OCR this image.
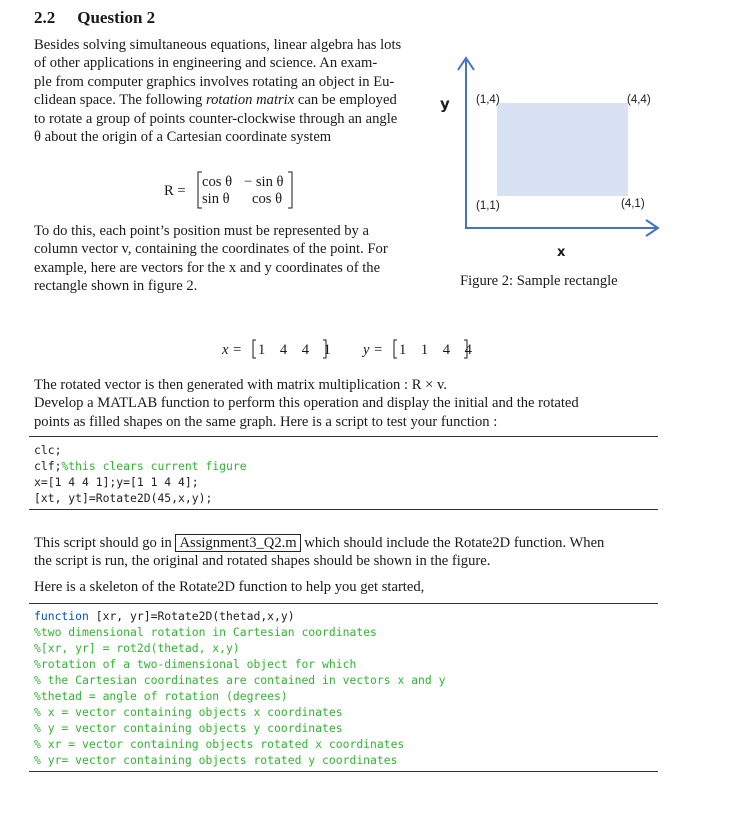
2.2 Question 2
Besides solving simultaneous equations, linear algebra has lots
of other applications in engineering and science. An exam-
ple from computer graphics involves rotating an object in Eu-
clidean space. The following rotation matrix can be employed
to rotate a group of points counter-clockwise through an angle
θ about the origin of a Cartesian coordinate system
R =
cos θ − sin θ
sin θ cos θ
y
x
(1,4)	(4,4)
(1,1)	(4,1)
Figure 2: Sample rectangle
To do this, each point’s position must be represented by a
column vector v, containing the coordinates of the point. For
example, here are vectors for the x and y coordinates of the
rectangle shown in figure 2.
x = 1    4    4    1 y = 1    1    4    4
The rotated vector is then generated with matrix multiplication : R × v.
Develop a MATLAB function to perform this operation and display the initial and the rotated
points as filled shapes on the same graph. Here is a script to test your function :
clc;
clf;%this clears current figure
x=[1 4 4 1];y=[1 1 4 4];
[xt, yt]=Rotate2D(45,x,y);
This script should go in Assignment3_Q2.m which should include the Rotate2D function. When
the script is run, the original and rotated shapes should be shown in the figure.
Here is a skeleton of the Rotate2D function to help you get started,
function [xr, yr]=Rotate2D(thetad,x,y)
%two dimensional rotation in Cartesian coordinates
%[xr, yr] = rot2d(thetad, x,y)
%rotation of a two-dimensional object for which
% the Cartesian coordinates are contained in vectors x and y
%thetad = angle of rotation (degrees)
% x = vector containing objects x coordinates
% y = vector containing objects y coordinates
% xr = vector containing objects rotated x coordinates
% yr= vector containing objects rotated y coordinates
